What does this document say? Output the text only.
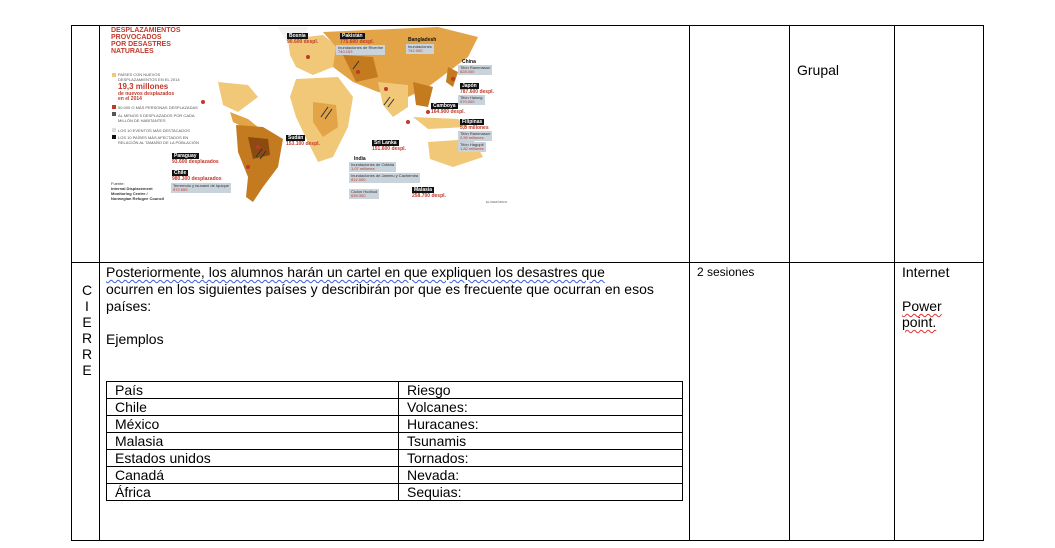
DESPLAZAMIENTOS
PROVOCADOS
POR DESASTRES
NATURALES
PAÍSES CON NUEVOS DESPLAZAMIENTOS EN EL 2014
19,3 millones
de nuevos desplazados
en el 2014
50.000 O MÁS PERSONAS DESPLAZADAS
AL MENOS 5 DESPLAZADOS POR CADA MILLÓN DE HABITANTES
LOS 10 EVENTOS MÁS DESTACADOS
LOS 10 PAÍSES MÁS AFECTADOS EN RELACIÓN AL TAMAÑO DE LA POBLACIÓN
Fuente:
Internal Displacement
Monitoring Centre /
Norwegian Refugee Council
EL PERIÓDICO
Bosnia
90.600 despl.
Pakistán
775.600 despl.
Inundaciones de Riverine
740.153
Bangladesh
Inundaciones
742.000
China
Tifón Rammasun
628.000
Japón
787.600 despl.
Tifón Halong
570.000
Camboya
164.900 despl.
Filipinas
5,8 millones
Tifón Rammasun
2,59 millones
Tifón Hagupit
1,82 millones
Sudán
153.100 despl.	Sri Lanka
151.600 despl.
India
Inundaciones de Odisha
1,07 millones
Inundaciones de Jammu y Cachemira
812.000
Ciclón Hudhud
639.300
Malasia
258.700 despl.
Paraguay
93.600 desplazados
Chile
980.300 desplazados
Terremoto y tsunami de Iquique
972.500
Grupal
C
I
E
R
R
E
Posteriormente, los alumnos harán un cartel en que expliquen los desastres que
ocurren en los siguientes países y describirán por que es frecuente que ocurran en esos
países:
Ejemplos
2 sesiones	Internet
Power
point.
País	Riesgo
Chile	Volcanes:
México	Huracanes:
Malasia	Tsunamis
Estados unidos	Tornados:
Canadá	Nevada:
África	Sequias:
